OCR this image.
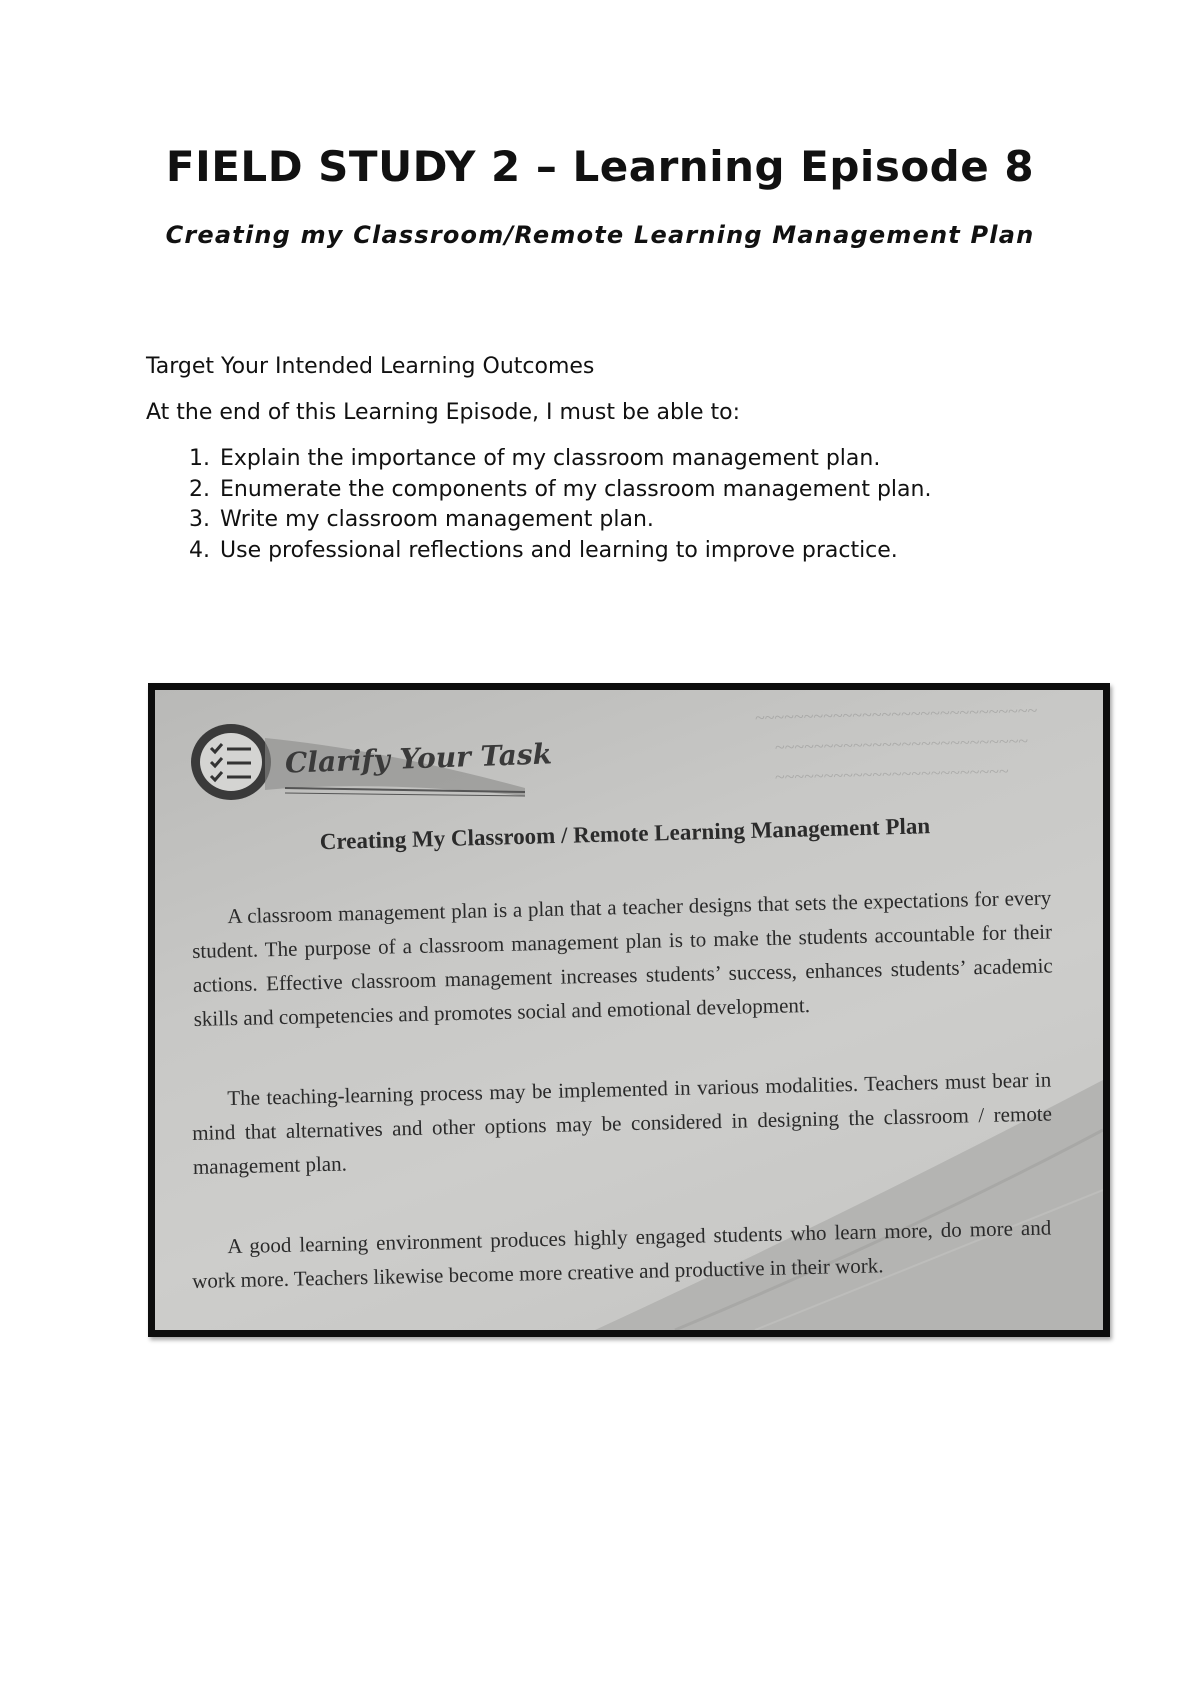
FIELD STUDY 2 – Learning Episode 8

Creating my Classroom/Remote Learning Management Plan

Target Your Intended Learning Outcomes

At the end of this Learning Episode, I must be able to:

1. Explain the importance of my classroom management plan.
2. Enumerate the components of my classroom management plan.
3. Write my classroom management plan.
4. Use professional reflections and learning to improve practice.
~~~~~~~~~~~~~~~~~~~~~~~~~~~~~
~~~~~~~~~~~~~~~~~~~~~~~~~~
~~~~~~~~~~~~~~~~~~~~~~~~
Clarify Your Task

Creating My Classroom / Remote Learning Management Plan

A classroom management plan is a plan that a teacher designs that sets the expectations for every student. The purpose of a classroom management plan is to make the students accountable for their actions. Effective classroom management increases students’ success, enhances students’ academic skills and competencies and promotes social and emotional development.

The teaching-learning process may be implemented in various modalities. Teachers must bear in mind that alternatives and other options may be considered in designing the classroom / remote management plan.

A good learning environment produces highly engaged students who learn more, do more and work more. Teachers likewise become more creative and productive in their work.
